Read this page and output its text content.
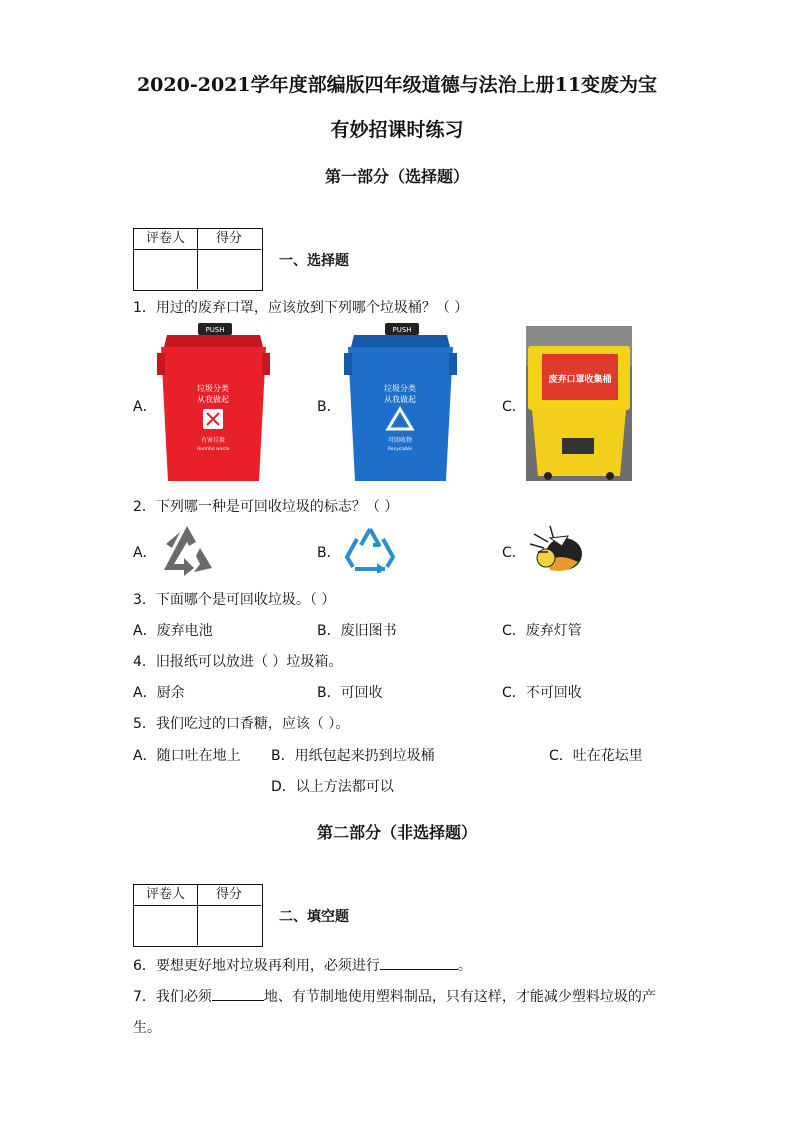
2020-2021学年度部编版四年级道德与法治上册11变废为宝
有妙招课时练习
第一部分（选择题）
评卷人	得分
一、选择题
1．用过的废弃口罩，应该放到下列哪个垃圾桶？（ ）
A．	B．	C．
PUSH
垃圾分类
从我做起
有害垃圾
Harmful waste
PUSH
垃圾分类
从我做起
可回收物
Recyclable
废弃口罩收集桶
2．下列哪一种是可回收垃圾的标志？（ ）
A．	B．	C．
3．下面哪个是可回收垃圾。（ ）
A．废弃电池	B．废旧图书	C．废弃灯管
4．旧报纸可以放进（ ）垃圾箱。
A．厨余	B．可回收	C．不可回收
5．我们吃过的口香糖，应该（ ）。
A．随口吐在地上 B．用纸包起来扔到垃圾桶	C．吐在花坛里
D．以上方法都可以
第二部分（非选择题）
评卷人	得分
二、填空题
6．要想更好地对垃圾再利用，必须进行	。
7．我们必须	地、有节制地使用塑料制品，只有这样，才能减少塑料垃圾的产
生。
